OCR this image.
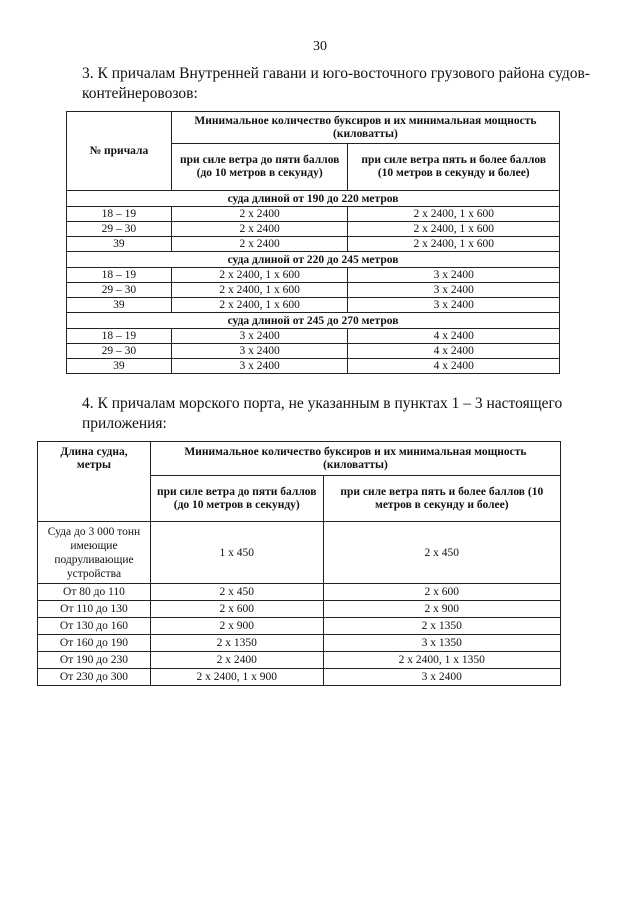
30
3. К причалам Внутренней гавани и юго-восточного грузового района судов-контейнеровозов:
№ причала	Минимальное количество буксиров и их минимальная мощность (киловатты)	
	при силе ветра до пяти баллов (до 10 метров в секунду)	при силе ветра пять и более баллов (10 метров в секунду и более)
суда длиной от 190 до 220 метров		
18 – 19	2 х 2400	2 х 2400, 1 х 600
29 – 30	2 х 2400	2 х 2400, 1 х 600
39	2 х 2400	2 х 2400, 1 х 600
суда длиной от 220 до 245 метров		
18 – 19	2 х 2400, 1 х 600	3 х 2400
29 – 30	2 х 2400, 1 х 600	3 х 2400
39	2 х 2400, 1 х 600	3 х 2400
суда длиной от 245 до 270 метров		
18 – 19	3 х 2400	4 х 2400
29 – 30	3 х 2400	4 х 2400
39	3 х 2400	4 х 2400
4. К причалам морского порта, не указанным в пунктах 1 – 3 настоящего приложения:
Длина судна, метры	Минимальное количество буксиров и их минимальная мощность (киловатты)	
	при силе ветра до пяти баллов (до 10 метров в секунду)	при силе ветра пять и более баллов (10 метров в секунду и более)
Суда до 3 000 тонн имеющие подруливающие устройства	1 х 450	2 х 450
От 80 до 110	2 х 450	2 х 600
От 110 до 130	2 х 600	2 х 900
От 130 до 160	2 х 900	2 х 1350
От 160 до 190	2 х 1350	3 х 1350
От 190 до 230	2 х 2400	2 х 2400, 1 х 1350
От 230 до 300	2 х 2400, 1 х 900	3 х 2400
